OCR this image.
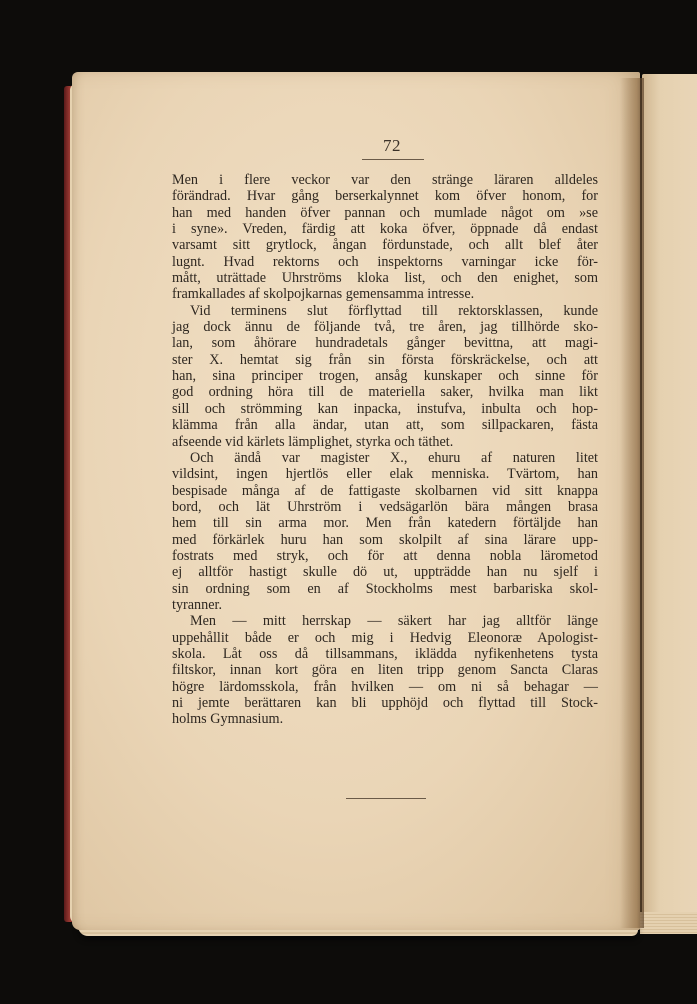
72
Men i flere veckor var den stränge läraren alldeles
förändrad. Hvar gång berserkalynnet kom öfver honom, for
han med handen öfver pannan och mumlade något om »se
i syne». Vreden, färdig att koka öfver, öppnade då endast
varsamt sitt grytlock, ångan fördunstade, och allt blef åter
lugnt. Hvad rektorns och inspektorns varningar icke för-
mått, uträttade Uhrströms kloka list, och den enighet, som
framkallades af skolpojkarnas gemensamma intresse.
Vid terminens slut förflyttad till rektorsklassen, kunde
jag dock ännu de följande två, tre åren, jag tillhörde sko-
lan, som åhörare hundradetals gånger bevittna, att magi-
ster X. hemtat sig från sin första förskräckelse, och att
han, sina principer trogen, ansåg kunskaper och sinne för
god ordning höra till de materiella saker, hvilka man likt
sill och strömming kan inpacka, instufva, inbulta och hop-
klämma från alla ändar, utan att, som sillpackaren, fästa
afseende vid kärlets lämplighet, styrka och täthet.
Och ändå var magister X., ehuru af naturen litet
vildsint, ingen hjertlös eller elak menniska. Tvärtom, han
bespisade många af de fattigaste skolbarnen vid sitt knappa
bord, och lät Uhrström i vedsägarlön bära mången brasa
hem till sin arma mor. Men från katedern förtäljde han
med förkärlek huru han som skolpilt af sina lärare upp-
fostrats med stryk, och för att denna nobla lärometod
ej alltför hastigt skulle dö ut, uppträdde han nu sjelf i
sin ordning som en af Stockholms mest barbariska skol-
tyranner.
Men — mitt herrskap — säkert har jag alltför länge
uppehållit både er och mig i Hedvig Eleonoræ Apologist-
skola. Låt oss då tillsammans, iklädda nyfikenhetens tysta
filtskor, innan kort göra en liten tripp genom Sancta Claras
högre lärdomsskola, från hvilken — om ni så behagar —
ni jemte berättaren kan bli upphöjd och flyttad till Stock-
holms Gymnasium.
